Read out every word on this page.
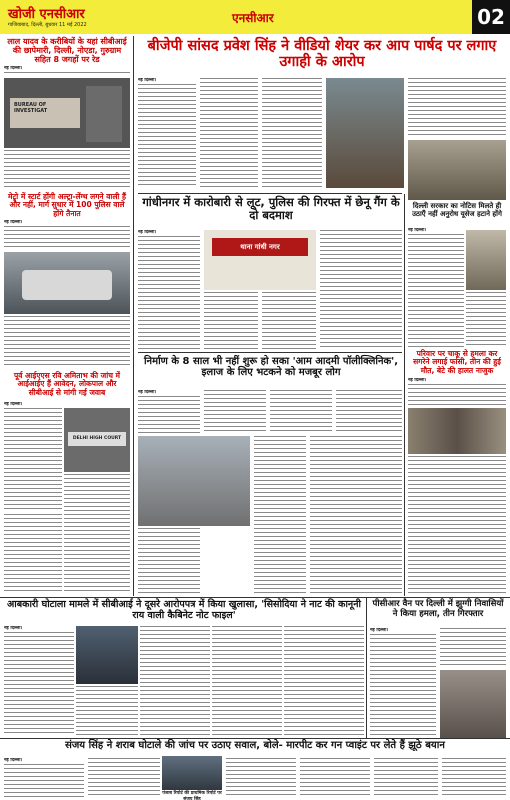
खोजी एनसीआर
गाजियाबाद, दिल्ली, बुधवार 11 मई 2022	एनसीआर	02
लाल यादव के करीबियों के यहां सीबीआई की छापेमारी, दिल्ली, नोएडा, गुरुग्राम सहित 8 जगहों पर रेड
नई दिल्ली।
BUREAU OF INVESTIGAT
मेट्रो में स्टार्ट होंगी अल्ट्रा-लेंग्थ लगने वाली हैं और नहीं, मार्ग सुधार में 100 पुलिस वाले होंगे तैनात
नई दिल्ली।
पूर्व आईएएस रवि अमिताभ की जांच में आईआईए हैं आवेदन, लोकपाल और सीबीआई से मांगी गई जवाब
नई दिल्ली।
DELHI HIGH COURT
बीजेपी सांसद प्रवेश सिंह ने वीडियो शेयर कर आप पार्षद पर लगाए उगाही के आरोप
नई दिल्ली।
गांधीनगर में कारोबारी से लूट, पुलिस की गिरफ्त में छेनू गैंग के दो बदमाश
नई दिल्ली।
थाना गांधी नगर
दिल्ली सरकार का नोटिस मिलते ही उठाएँ नहीं अनुरोध यूसेज हटाने होंगे
नई दिल्ली।
परिवार पर चाकू से हमला कर सगरेने लगाई फांसी, तीन की हुई मौत, बेटे की हालत नाजुक
नई दिल्ली।
निर्माण के 8 साल भी नहीं शुरू हो सका 'आम आदमी पॉलीक्लिनिक', इलाज के लिए भटकने को मजबूर लोग
नई दिल्ली।
आबकारी घोटाला मामले में सीबीआई ने दूसरे आरोपपत्र में किया खुलासा, 'सिसोदिया ने नाट की कानूनी राय वाली कैबिनेट नोट फाइल'
नई दिल्ली।
पीसीआर वैन पर दिल्ली में झुग्गी निवासियों ने किया हमला, तीन गिरफ्तार
नई दिल्ली।
संजय सिंह ने शराब घोटाले की जांच पर उठाए सवाल, बोले- मारपीट कर गन प्वाइंट पर लेते हैं झूठे बयान
नई दिल्ली।
पंजाब रिपोर्ट की प्राथमिक रिपोर्ट पर संजय सिंह
